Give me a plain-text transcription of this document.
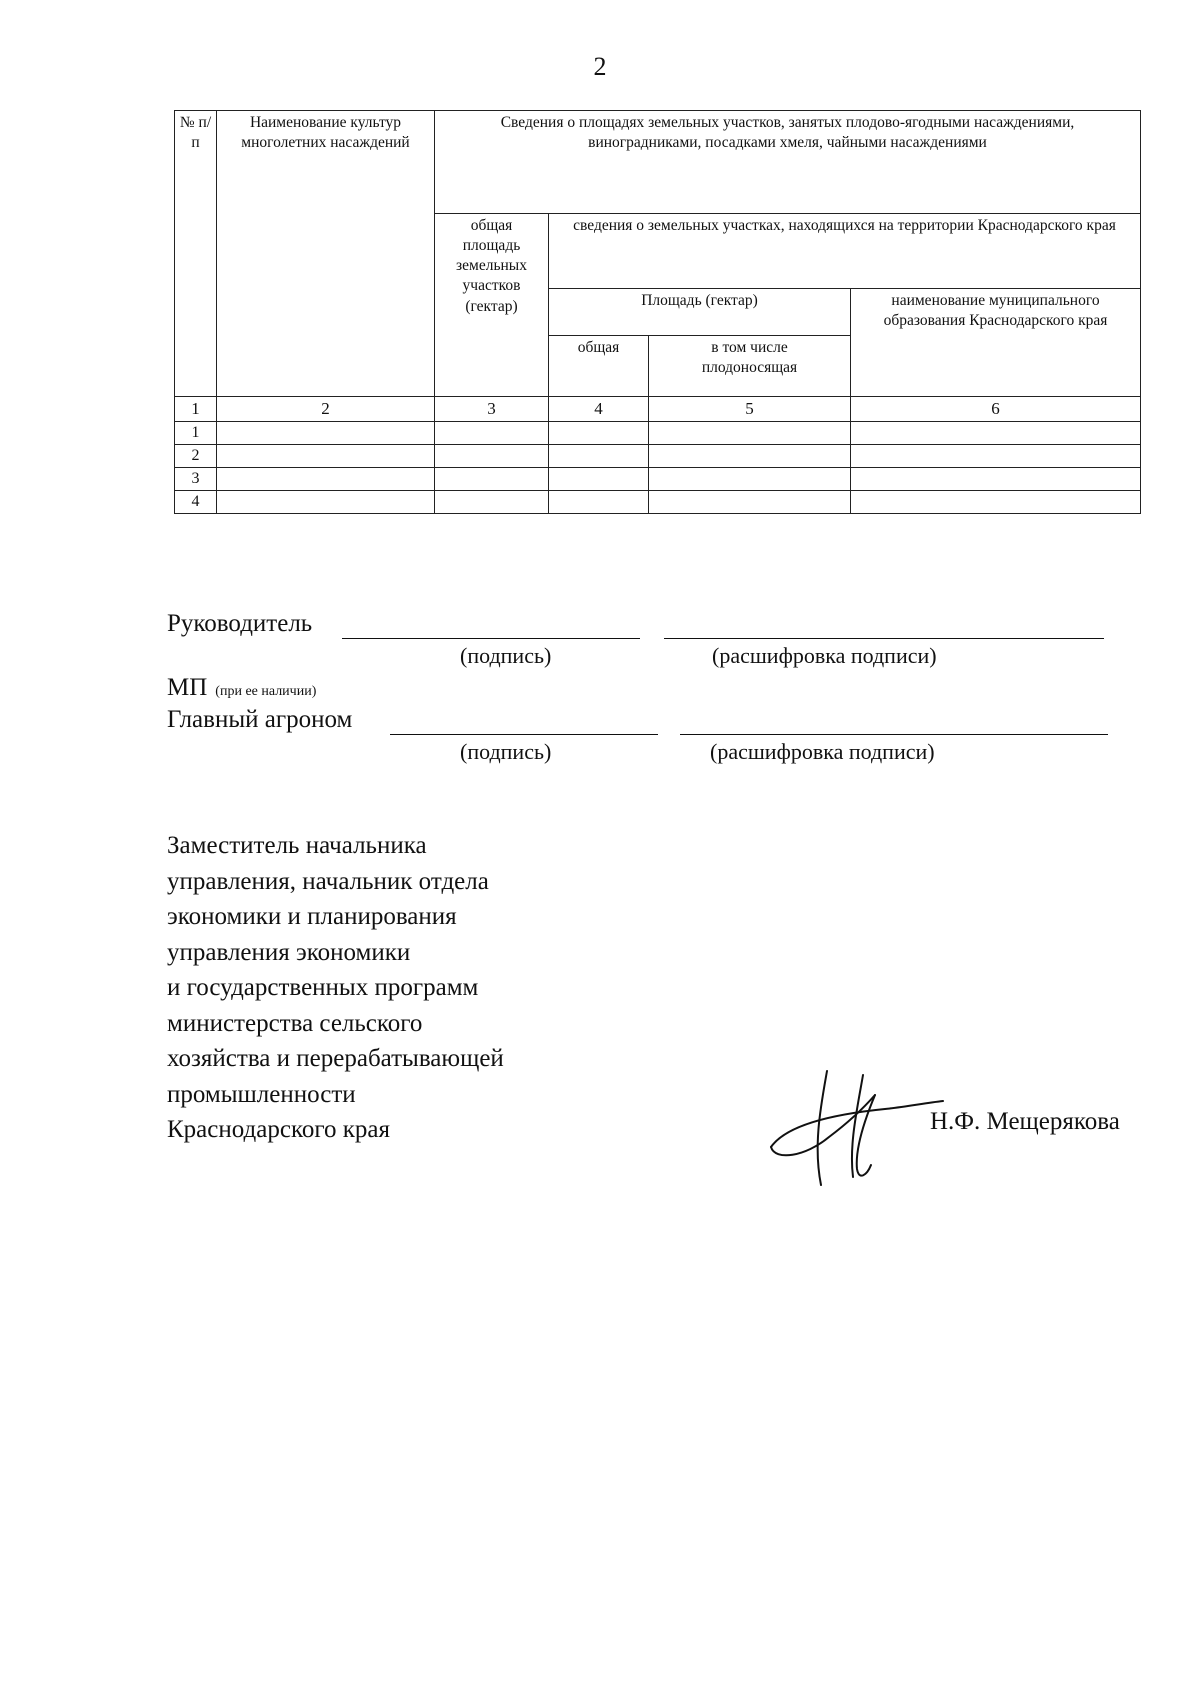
2
№ п/п	Наименование культур многолетних насаждений	Сведения о площадях земельных участков, занятых плодово-ягодными насаждениями, виноградниками, посадками хмеля, чайными насаждениями			
		общая площадь земельных участков (гектар)	сведения о земельных участках, находящихся на территории Краснодарского края		
			Площадь (гектар)		наименование муниципального образования Краснодарского края
			общая	в том числе плодоносящая	
1	2	3	4	5	6
1					
2					
3					
4					
Руководитель
(подпись)	(расшифровка подписи)
МП (при ее наличии)
Главный агроном
(подпись)	(расшифровка подписи)
Заместитель начальника
управления, начальник отдела
экономики и планирования
управления экономики
и государственных программ
министерства сельского
хозяйства и перерабатывающей
промышленности
Краснодарского края	Н.Ф. Мещерякова
